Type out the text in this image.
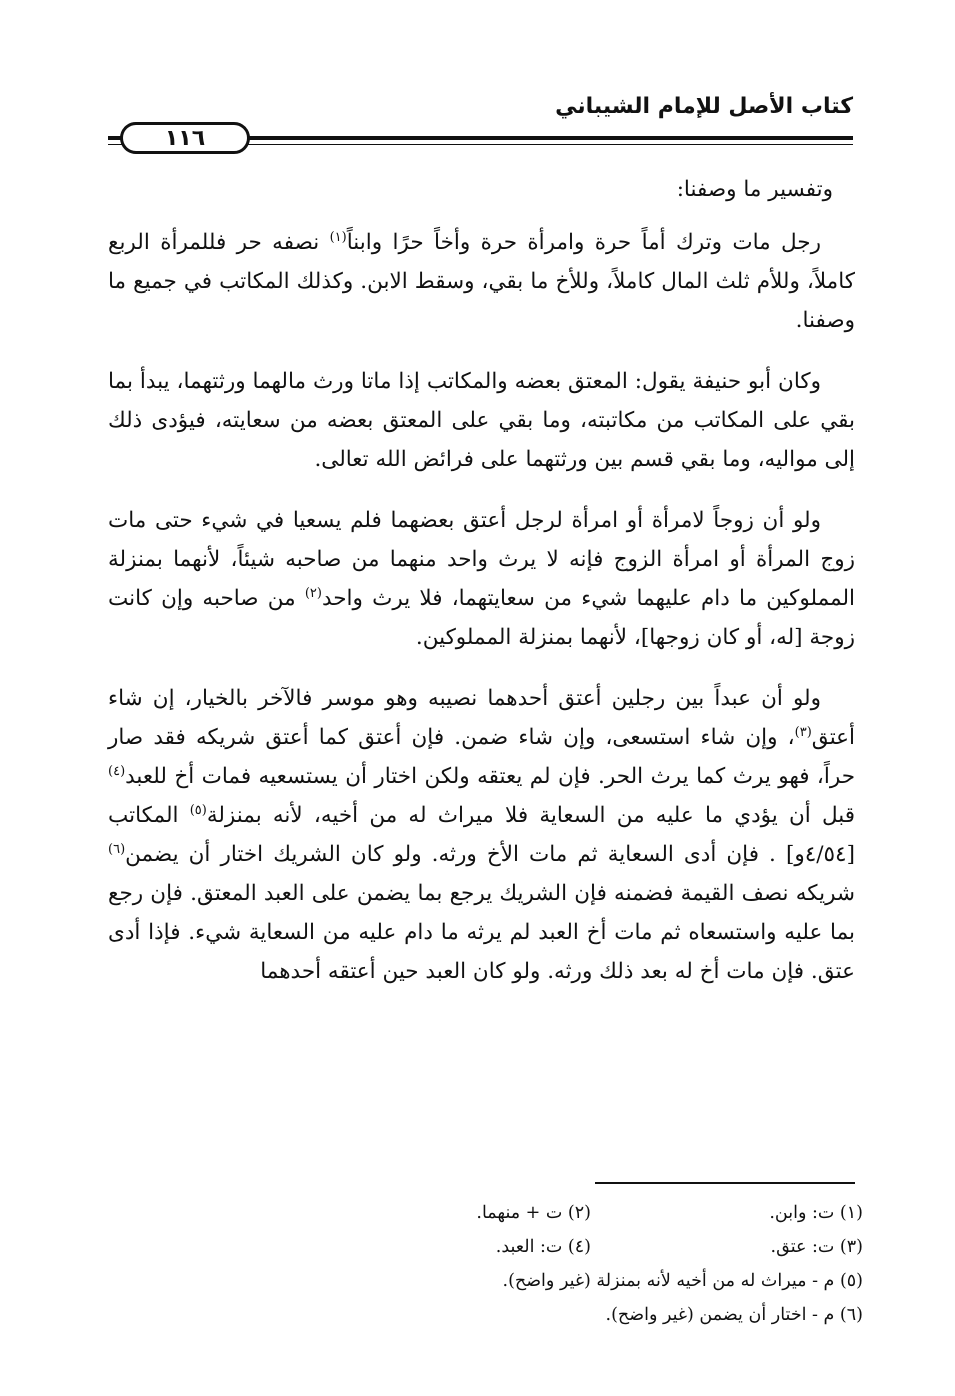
كتاب الأصل للإمام الشيباني
١١٦

وتفسير ما وصفنا:

رجل مات وترك أماً حرة وامرأة حرة وأخاً حرًا وابناً$^{(١)}$ نصفه حر فللمرأة الربع كاملاً، وللأم ثلث المال كاملاً، وللأخ ما بقي، وسقط الابن. وكذلك المكاتب في جميع ما وصفنا.

وكان أبو حنيفة يقول: المعتق بعضه والمكاتب إذا ماتا ورث مالهما ورثتهما، يبدأ بما بقي على المكاتب من مكاتبته، وما بقي على المعتق بعضه من سعايته، فيؤدى ذلك إلى مواليه، وما بقي قسم بين ورثتهما على فرائض الله تعالى.

ولو أن زوجاً لامرأة أو امرأة لرجل أعتق بعضهما فلم يسعيا في شيء حتى مات زوج المرأة أو امرأة الزوج فإنه لا يرث واحد منهما من صاحبه شيئاً، لأنهما بمنزلة المملوكين ما دام عليهما شيء من سعايتهما، فلا يرث واحد$^{(٢)}$ من صاحبه وإن كانت زوجة [له، أو كان زوجها]، لأنهما بمنزلة المملوكين.

ولو أن عبداً بين رجلين أعتق أحدهما نصيبه وهو موسر فالآخر بالخيار، إن شاء أعتق$^{(٣)}$، وإن شاء استسعى، وإن شاء ضمن. فإن أعتق كما أعتق شريكه فقد صار حراً، فهو يرث كما يرث الحر. فإن لم يعتقه ولكن اختار أن يستسعيه فمات أخ للعبد$^{(٤)}$ قبل أن يؤدي ما عليه من السعاية فلا ميراث له من أخيه، لأنه بمنزلة$^{(٥)}$ المكاتب [٤/٥٤و] . فإن أدى السعاية ثم مات الأخ ورثه. ولو كان الشريك اختار أن يضمن$^{(٦)}$ شريكه نصف القيمة فضمنه فإن الشريك يرجع بما يضمن على العبد المعتق. فإن رجع بما عليه واستسعاه ثم مات أخ العبد لم يرثه ما دام عليه من السعاية شيء. فإذا أدى عتق. فإن مات أخ له بعد ذلك ورثه. ولو كان العبد حين أعتقه أحدهما

(١) ت: وابن.
(٢) ت + منهما.
(٣) ت: عتق.
(٤) ت: العبد.
(٥) م - ميراث له من أخيه لأنه بمنزلة (غير واضح).
(٦) م - اختار أن يضمن (غير واضح).
